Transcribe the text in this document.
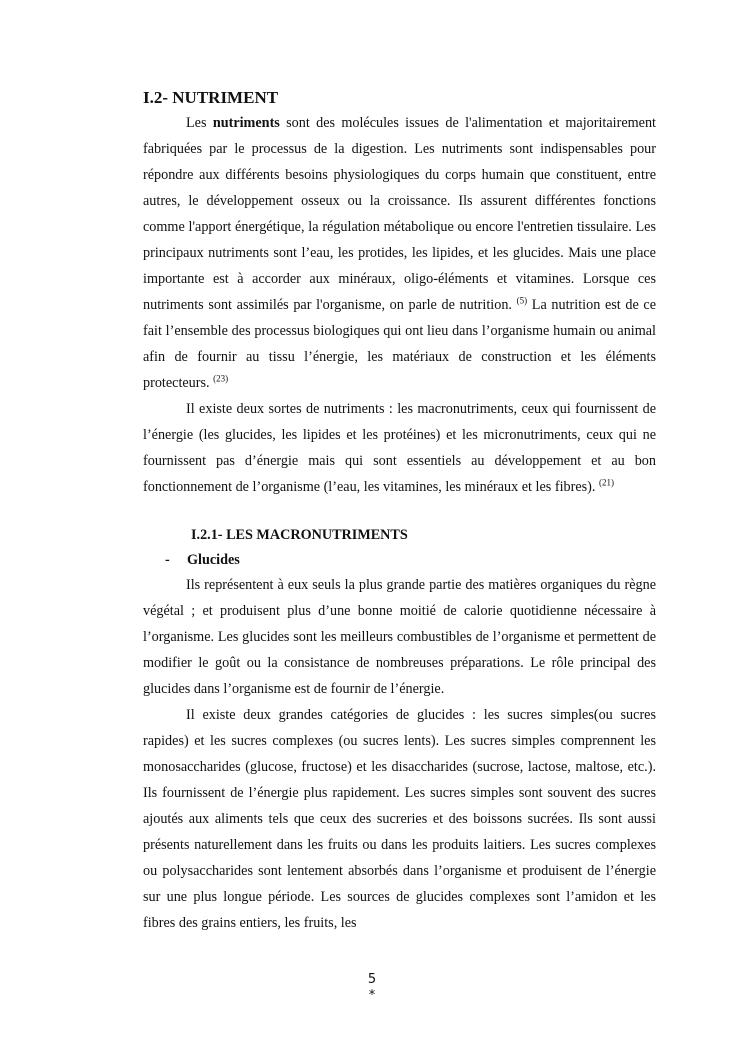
I.2- NUTRIMENT

Les nutriments sont des molécules issues de l'alimentation et majoritairement fabriquées par le processus de la digestion. Les nutriments sont indispensables pour répondre aux différents besoins physiologiques du corps humain que constituent, entre autres, le développement osseux ou la croissance. Ils assurent différentes fonctions comme l'apport énergétique, la régulation métabolique ou encore l'entretien tissulaire. Les principaux nutriments sont l’eau, les protides, les lipides, et les glucides. Mais une place importante est à accorder aux minéraux, oligo-éléments et vitamines. Lorsque ces nutriments sont assimilés par l'organisme, on parle de nutrition. $^{(5)}$ La nutrition est de ce fait l’ensemble des processus biologiques qui ont lieu dans l’organisme humain ou animal afin de fournir au tissu l’énergie, les matériaux de construction et les éléments protecteurs. $^{(23)}$

Il existe deux sortes de nutriments : les macronutriments, ceux qui fournissent de l’énergie (les glucides, les lipides et les protéines) et les micronutriments, ceux qui ne fournissent pas d’énergie mais qui sont essentiels au développement et au bon fonctionnement de l’organisme (l’eau, les vitamines, les minéraux et les fibres). $^{(21)}$

I.2.1- LES MACRONUTRIMENTS
-	Glucides

Ils représentent à eux seuls la plus grande partie des matières organiques du règne végétal ; et produisent plus d’une bonne moitié de calorie quotidienne nécessaire à l’organisme. Les glucides sont les meilleurs combustibles de l’organisme et permettent de modifier le goût ou la consistance de nombreuses préparations. Le rôle principal des glucides dans l’organisme est de fournir de l’énergie.

Il existe deux grandes catégories de glucides : les sucres simples(ou sucres rapides) et les sucres complexes (ou sucres lents). Les sucres simples comprennent les monosaccharides (glucose, fructose) et les disaccharides (sucrose, lactose, maltose, etc.). Ils fournissent de l’énergie plus rapidement. Les sucres simples sont souvent des sucres ajoutés aux aliments tels que ceux des sucreries et des boissons sucrées. Ils sont aussi présents naturellement dans les fruits ou dans les produits laitiers. Les sucres complexes ou polysaccharides sont lentement absorbés dans l’organisme et produisent de l’énergie sur une plus longue période. Les sources de glucides complexes sont l’amidon et les fibres des grains entiers, les fruits, les

5
*
